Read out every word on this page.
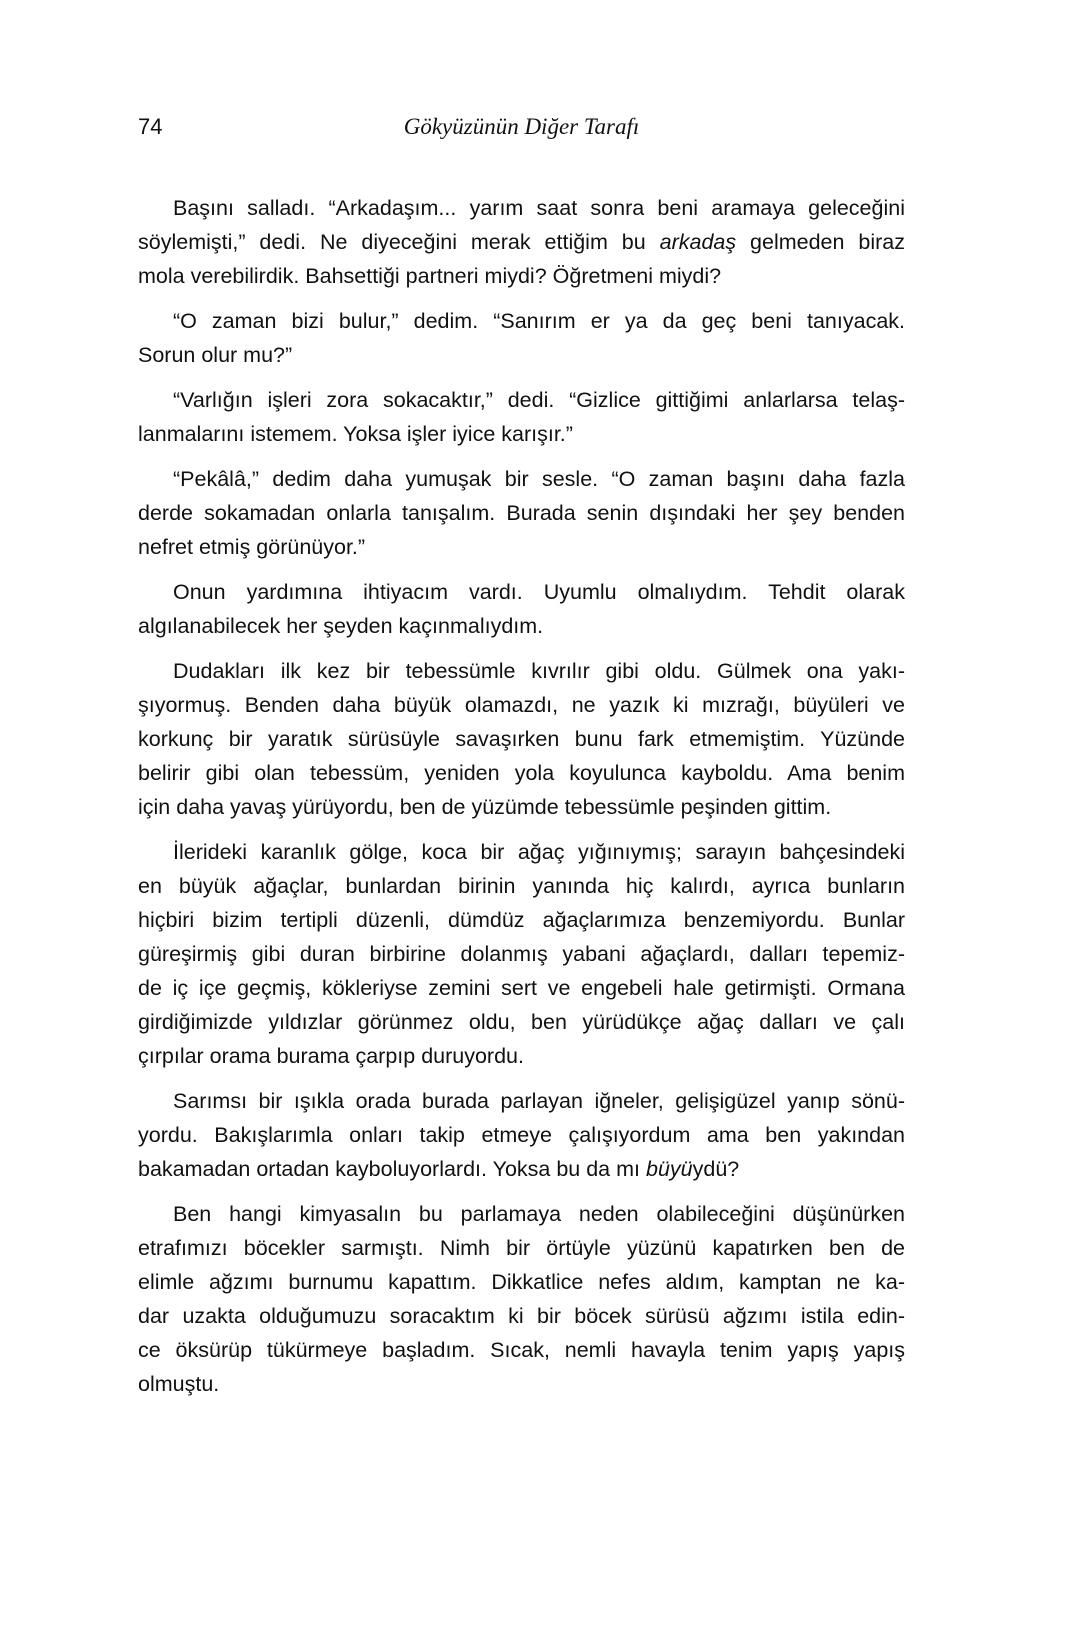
74	Gökyüzünün Diğer Tarafı
Başını salladı. “Arkadaşım... yarım saat sonra beni aramaya geleceğini
söylemişti,” dedi. Ne diyeceğini merak ettiğim bu arkadaş gelmeden biraz
mola verebilirdik. Bahsettiği partneri miydi? Öğretmeni miydi?
“O zaman bizi bulur,” dedim. “Sanırım er ya da geç beni tanıyacak.
Sorun olur mu?”
“Varlığın işleri zora sokacaktır,” dedi. “Gizlice gittiğimi anlarlarsa telaş-
lanmalarını istemem. Yoksa işler iyice karışır.”
“Pekâlâ,” dedim daha yumuşak bir sesle. “O zaman başını daha fazla
derde sokamadan onlarla tanışalım. Burada senin dışındaki her şey benden
nefret etmiş görünüyor.”
Onun yardımına ihtiyacım vardı. Uyumlu olmalıydım. Tehdit olarak
algılanabilecek her şeyden kaçınmalıydım.
Dudakları ilk kez bir tebessümle kıvrılır gibi oldu. Gülmek ona yakı-
şıyormuş. Benden daha büyük olamazdı, ne yazık ki mızrağı, büyüleri ve
korkunç bir yaratık sürüsüyle savaşırken bunu fark etmemiştim. Yüzünde
belirir gibi olan tebessüm, yeniden yola koyulunca kayboldu. Ama benim
için daha yavaş yürüyordu, ben de yüzümde tebessümle peşinden gittim.
İlerideki karanlık gölge, koca bir ağaç yığınıymış; sarayın bahçesindeki
en büyük ağaçlar, bunlardan birinin yanında hiç kalırdı, ayrıca bunların
hiçbiri bizim tertipli düzenli, dümdüz ağaçlarımıza benzemiyordu. Bunlar
güreşirmiş gibi duran birbirine dolanmış yabani ağaçlardı, dalları tepemiz-
de iç içe geçmiş, kökleriyse zemini sert ve engebeli hale getirmişti. Ormana
girdiğimizde yıldızlar görünmez oldu, ben yürüdükçe ağaç dalları ve çalı
çırpılar orama burama çarpıp duruyordu.
Sarımsı bir ışıkla orada burada parlayan iğneler, gelişigüzel yanıp sönü-
yordu. Bakışlarımla onları takip etmeye çalışıyordum ama ben yakından
bakamadan ortadan kayboluyorlardı. Yoksa bu da mı büyüydü?
Ben hangi kimyasalın bu parlamaya neden olabileceğini düşünürken
etrafımızı böcekler sarmıştı. Nimh bir örtüyle yüzünü kapatırken ben de
elimle ağzımı burnumu kapattım. Dikkatlice nefes aldım, kamptan ne ka-
dar uzakta olduğumuzu soracaktım ki bir böcek sürüsü ağzımı istila edin-
ce öksürüp tükürmeye başladım. Sıcak, nemli havayla tenim yapış yapış
olmuştu.
